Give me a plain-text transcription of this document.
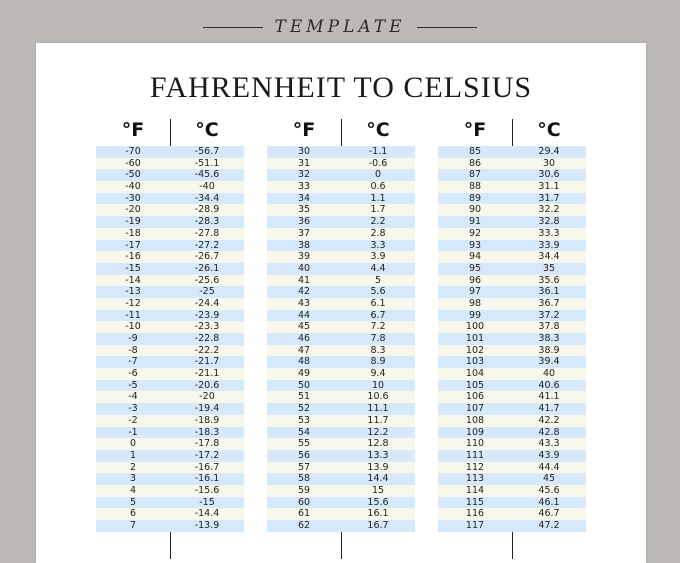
TEMPLATE
FAHRENHEIT TO CELSIUS
°F	°C
-70	-56.7
-60	-51.1
-50	-45.6
-40	-40
-30	-34.4
-20	-28.9
-19	-28.3
-18	-27.8
-17	-27.2
-16	-26.7
-15	-26.1
-14	-25.6
-13	-25
-12	-24.4
-11	-23.9
-10	-23.3
-9	-22.8
-8	-22.2
-7	-21.7
-6	-21.1
-5	-20.6
-4	-20
-3	-19.4
-2	-18.9
-1	-18.3
0	-17.8
1	-17.2
2	-16.7
3	-16.1
4	-15.6
5	-15
6	-14.4
7	-13.9
°F	°C
30	-1.1
31	-0.6
32	0
33	0.6
34	1.1
35	1.7
36	2.2
37	2.8
38	3.3
39	3.9
40	4.4
41	5
42	5.6
43	6.1
44	6.7
45	7.2
46	7.8
47	8.3
48	8.9
49	9.4
50	10
51	10.6
52	11.1
53	11.7
54	12.2
55	12.8
56	13.3
57	13.9
58	14.4
59	15
60	15.6
61	16.1
62	16.7
°F	°C
85	29.4
86	30
87	30.6
88	31.1
89	31.7
90	32.2
91	32.8
92	33.3
93	33.9
94	34.4
95	35
96	35.6
97	36.1
98	36.7
99	37.2
100	37.8
101	38.3
102	38.9
103	39.4
104	40
105	40.6
106	41.1
107	41.7
108	42.2
109	42.8
110	43.3
111	43.9
112	44.4
113	45
114	45.6
115	46.1
116	46.7
117	47.2
